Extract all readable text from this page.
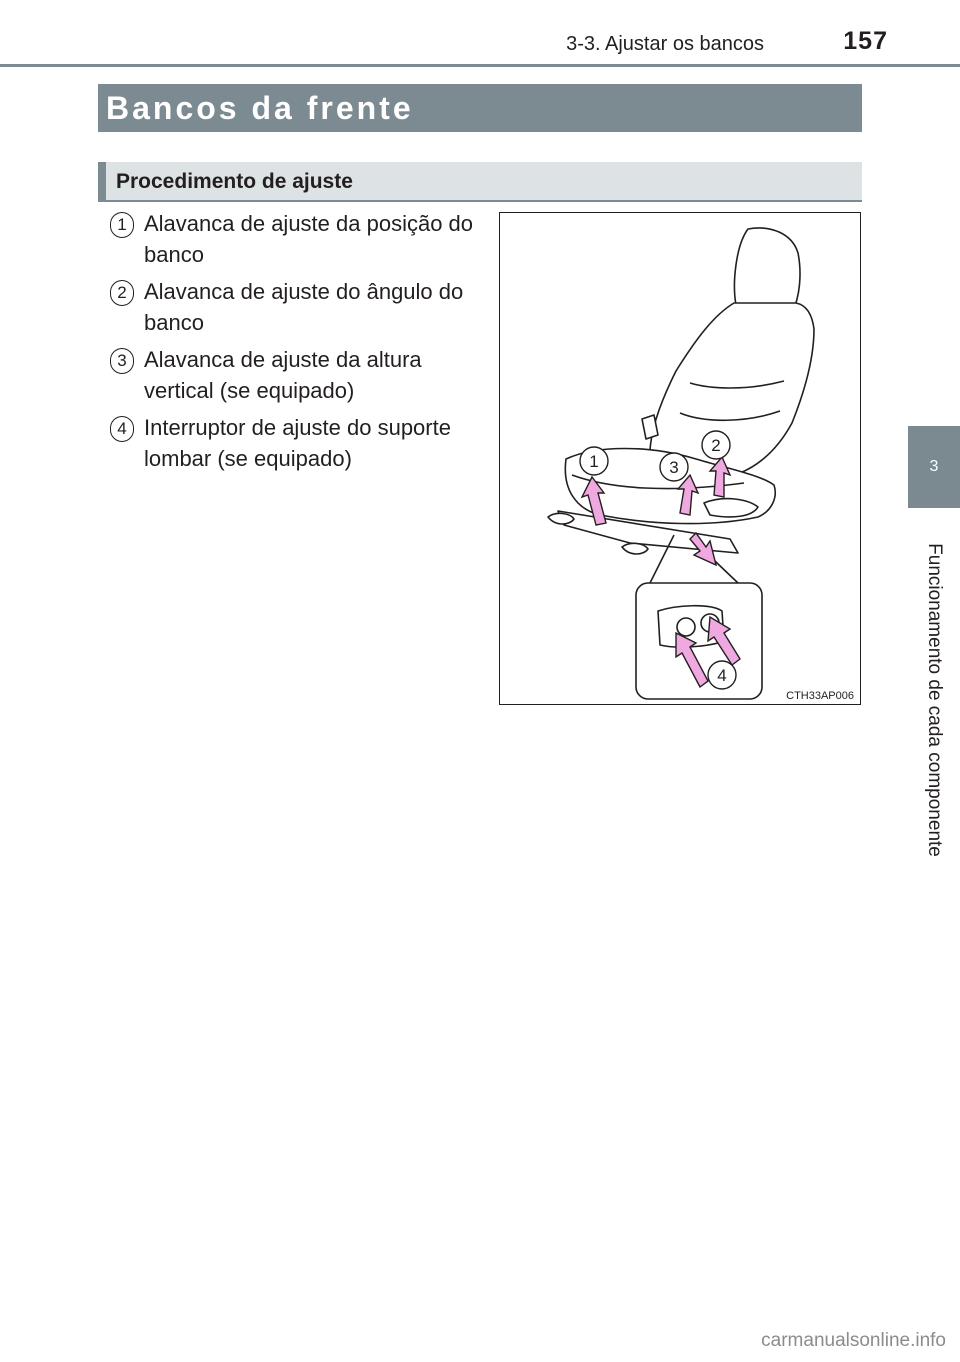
3-3. Ajustar os bancos	157
3
Funcionamento de cada componente
Bancos da frente
Procedimento de ajuste
1 Alavanca de ajuste da posição do banco
2 Alavanca de ajuste do ângulo do banco
3 Alavanca de ajuste da altura vertical (se equipado)
4 Interruptor de ajuste do suporte lombar (se equipado)	1
2
3
4
CTH33AP006
carmanualsonline.info
